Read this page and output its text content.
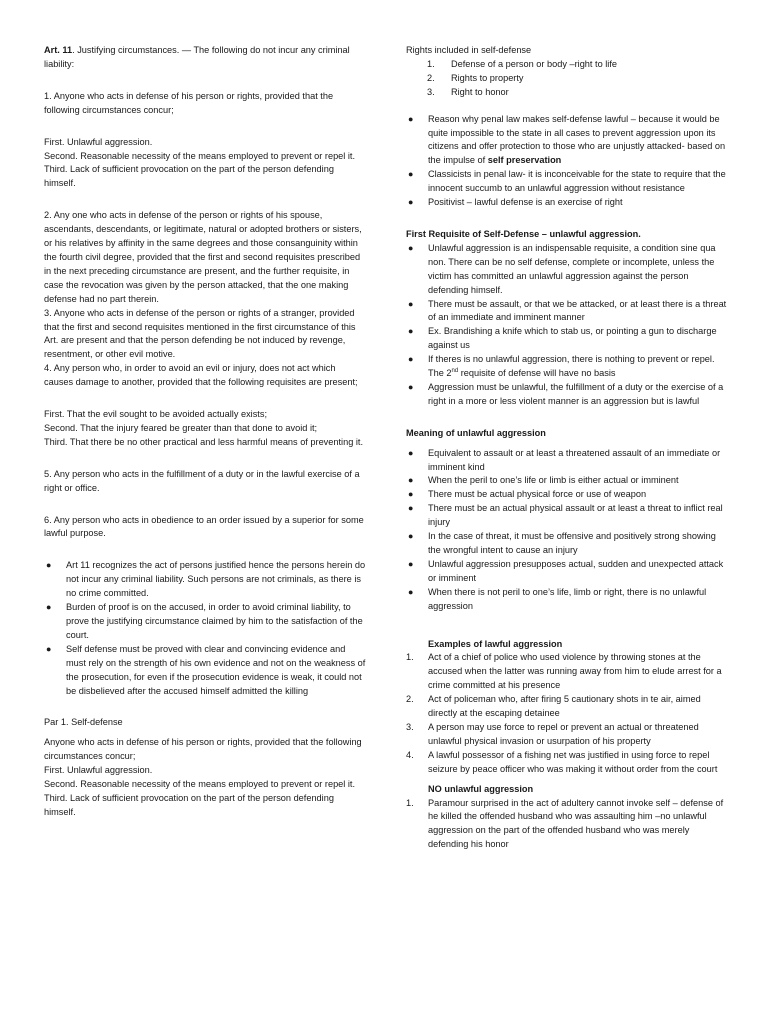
Art. 11. Justifying circumstances. — The following do not incur any criminal liability:

1. Anyone who acts in defense of his person or rights, provided that the following circumstances concur;

First. Unlawful aggression.

Second. Reasonable necessity of the means employed to prevent or repel it.

Third. Lack of sufficient provocation on the part of the person defending himself.

2. Any one who acts in defense of the person or rights of his spouse, ascendants, descendants, or legitimate, natural or adopted brothers or sisters, or his relatives by affinity in the same degrees and those consanguinity within the fourth civil degree, provided that the first and second requisites prescribed in the next preceding circumstance are present, and the further requisite, in case the revocation was given by the person attacked, that the one making defense had no part therein.

3. Anyone who acts in defense of the person or rights of a stranger, provided that the first and second requisites mentioned in the first circumstance of this Art. are present and that the person defending be not induced by revenge, resentment, or other evil motive.

4. Any person who, in order to avoid an evil or injury, does not act which causes damage to another, provided that the following requisites are present;

First. That the evil sought to be avoided actually exists;

Second. That the injury feared be greater than that done to avoid it;

Third. That there be no other practical and less harmful means of preventing it.

5. Any person who acts in the fulfillment of a duty or in the lawful exercise of a right or office.

6. Any person who acts in obedience to an order issued by a superior for some lawful purpose.

● Art 11 recognizes the act of persons justified hence the persons herein do not incur any criminal liability. Such persons are not criminals, as there is no crime committed.
● Burden of proof is on the accused, in order to avoid criminal liability, to prove the justifying circumstance claimed by him to the satisfaction of the court.
● Self defense must be proved with clear and convincing evidence and must rely on the strength of his own evidence and not on the weakness of the prosecution, for even if the prosecution evidence is weak, it could not be disbelieved after the accused himself admitted the killing

Par 1. Self-defense

Anyone who acts in defense of his person or rights, provided that the following circumstances concur;

First. Unlawful aggression.

Second. Reasonable necessity of the means employed to prevent or repel it.

Third. Lack of sufficient provocation on the part of the person defending himself.

Rights included in self-defense

1. Defense of a person or body –right to life
2. Rights to property
3. Right to honor
● Reason why penal law makes self-defense lawful – because it would be quite impossible to the state in all cases to prevent aggression upon its citizens and offer protection to those who are unjustly attacked- based on the impulse of self preservation
● Classicists in penal law- it is inconceivable for the state to require that the innocent succumb to an unlawful aggression without resistance
● Positivist – lawful defense is an exercise of right

First Requisite of Self-Defense – unlawful aggression.

● Unlawful aggression is an indispensable requisite, a condition sine qua non. There can be no self defense, complete or incomplete, unless the victim has committed an unlawful aggression against the person defending himself.
● There must be assault, or that we be attacked, or at least there is a threat of an immediate and imminent manner
● Ex. Brandishing a knife which to stab us, or pointing a gun to discharge against us
● If theres is no unlawful aggression, there is nothing to prevent or repel. The 2nd requisite of defense will have no basis
● Aggression must be unlawful, the fulfillment of a duty or the exercise of a right in a more or less violent manner is an aggression but is lawful

Meaning of unlawful aggression

● Equivalent to assault or at least a threatened assault of an immediate or imminent kind
● When the peril to one’s life or limb is either actual or imminent
● There must be actual physical force or use of weapon
● There must be an actual physical assault or at least a threat to inflict real injury
● In the case of threat, it must be offensive and positively strong showing the wrongful intent to cause an injury
● Unlawful aggression presupposes actual, sudden and unexpected attack or imminent
● When there is not peril to one’s life, limb or right, there is no unlawful aggression

Examples of lawful aggression

1. Act of a chief of police who used violence by throwing stones at the accused when the latter was running away from him to elude arrest for a crime committed at his presence
2. Act of policeman who, after firing 5 cautionary shots in te air, aimed directly at the escaping detainee
3. A person may use force to repel or prevent an actual or threatened unlawful physical invasion or usurpation of his property
4. A lawful possessor of a fishing net was justified in using force to repel seizure by peace officer who was making it without order from the court

NO unlawful aggression

1. Paramour surprised in the act of adultery cannot invoke self – defense of he killed the offended husband who was assaulting him –no unlawful aggression on the part of the offended husband who was merely defending his honor
